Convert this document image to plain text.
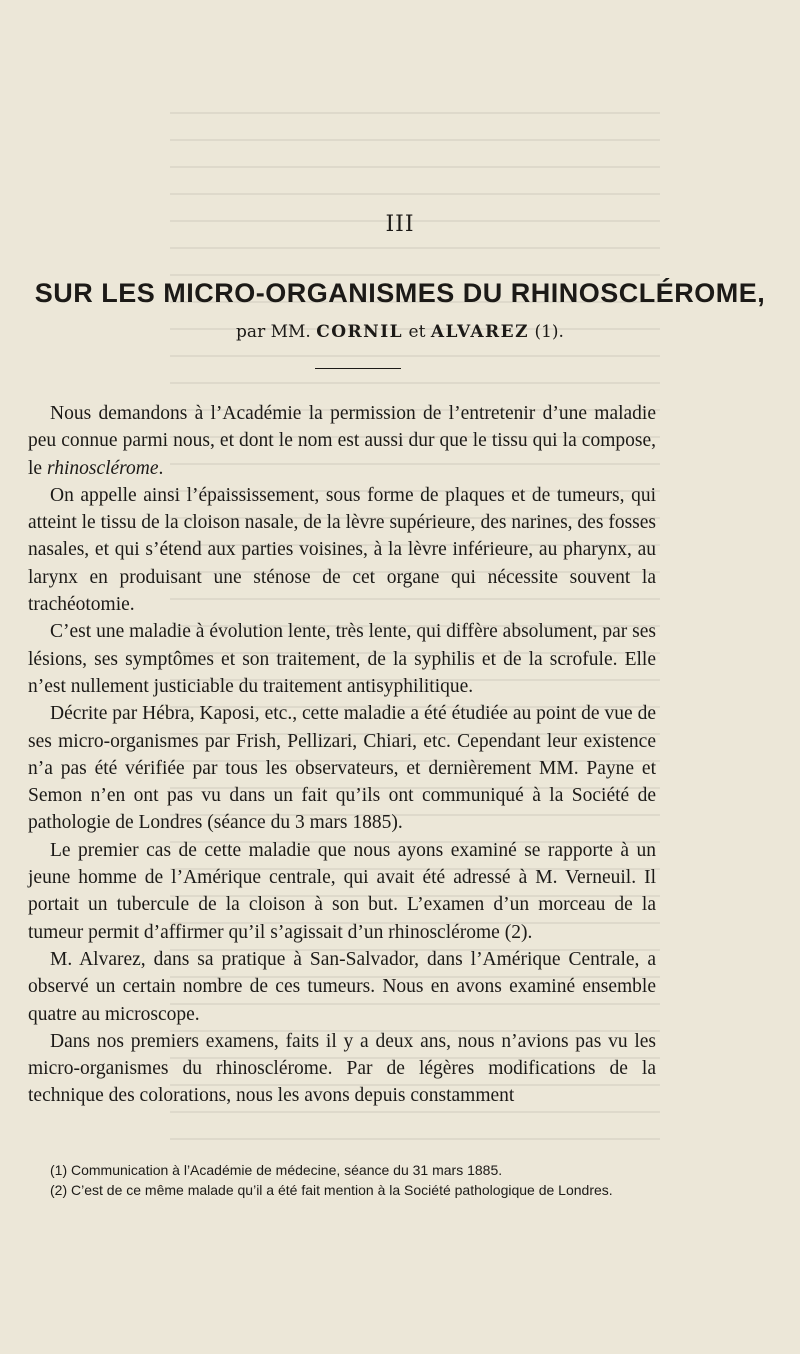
III
SUR LES MICRO-ORGANISMES DU RHINOSCLÉROME,
par MM. CORNIL et ALVAREZ (1).

Nous demandons à l’Académie la permission de l’entretenir d’une maladie peu connue parmi nous, et dont le nom est aussi dur que le tissu qui la compose, le rhinosclérome.

On appelle ainsi l’épaississement, sous forme de plaques et de tumeurs, qui atteint le tissu de la cloison nasale, de la lèvre supérieure, des narines, des fosses nasales, et qui s’étend aux parties voisines, à la lèvre inférieure, au pharynx, au larynx en produisant une sténose de cet organe qui nécessite souvent la trachéotomie.

C’est une maladie à évolution lente, très lente, qui diffère absolument, par ses lésions, ses symptômes et son traitement, de la syphilis et de la scrofule. Elle n’est nullement justiciable du traitement antisyphilitique.

Décrite par Hébra, Kaposi, etc., cette maladie a été étudiée au point de vue de ses micro-organismes par Frish, Pellizari, Chiari, etc. Cependant leur existence n’a pas été vérifiée par tous les observateurs, et dernièrement MM. Payne et Semon n’en ont pas vu dans un fait qu’ils ont communiqué à la Société de pathologie de Londres (séance du 3 mars 1885).

Le premier cas de cette maladie que nous ayons examiné se rapporte à un jeune homme de l’Amérique centrale, qui avait été adressé à M. Verneuil. Il portait un tubercule de la cloison à son but. L’examen d’un morceau de la tumeur permit d’affirmer qu’il s’agissait d’un rhinosclérome (2).

M. Alvarez, dans sa pratique à San-Salvador, dans l’Amérique Centrale, a observé un certain nombre de ces tumeurs. Nous en avons examiné ensemble quatre au microscope.

Dans nos premiers examens, faits il y a deux ans, nous n’avions pas vu les micro-organismes du rhinosclérome. Par de légères modifications de la technique des colorations, nous les avons depuis constamment

(1) Communication à l’Académie de médecine, séance du 31 mars 1885.

(2) C’est de ce même malade qu’il a été fait mention à la Société pathologique de Londres.
